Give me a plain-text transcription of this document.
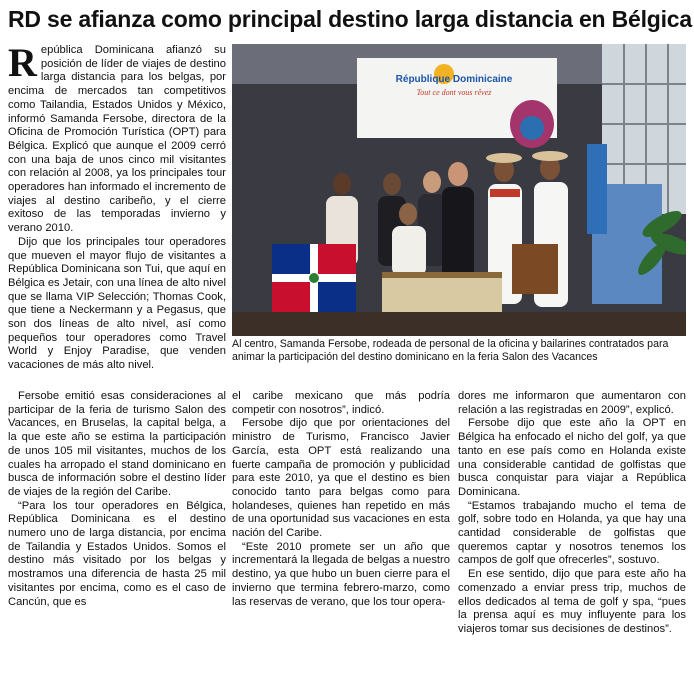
RD se afianza como principal destino larga distancia en Bélgica

República Dominicana afianzó su posición de líder de viajes de destino larga distancia para los belgas, por encima de mercados tan competitivos como Tailandia, Estados Unidos y México, informó Samanda Fersobe, directora de la Oficina de Promoción Turística (OPT) para Bélgica. Explicó que aunque el 2009 cerró con una baja de unos cinco mil visitantes con relación al 2008, ya los principales tour operadores han informado el incremento de viajes al destino caribeño, y el cierre exitoso de las temporadas invierno y verano 2010.

Dijo que los principales tour operadores que mueven el mayor flujo de visitantes a República Dominicana son Tui, que aquí en Bélgica es Jetair, con una línea de alto nivel que se llama VIP Selección; Thomas Cook, que tiene a Neckermann y a Pegasus, que son dos líneas de alto nivel, así como pequeños tour operadores como Travel World y Enjoy Paradise, que venden vacaciones de más alto nivel.

République Dominicaine
Tout ce dont vous rêvez
Al centro, Samanda Fersobe, rodeada de personal de la oficina y bailarines contratados para animar la participación del destino dominicano en la feria Salon des Vacances

Fersobe emitió esas consideraciones al participar de la feria de turismo Salon des Vacances, en Bruselas, la capital belga, a la que este año se estima la participación de unos 105 mil visitantes, muchos de los cuales ha arropado el stand dominicano en busca de información sobre el destino líder de viajes de la región del Caribe.

“Para los tour operadores en Bélgica, República Dominicana es el destino numero uno de larga distancia, por encima de Tailandia y Estados Unidos. Somos el destino más visitado por los belgas y mostramos una diferencia de hasta 25 mil visitantes por encima, como es el caso de Cancún, que es

el caribe mexicano que más podría competir con nosotros”, indicó.

Fersobe dijo que por orientaciones del ministro de Turismo, Francisco Javier García, esta OPT está realizando una fuerte campaña de promoción y publicidad para este 2010, ya que el destino es bien conocido tanto para belgas como para holandeses, quienes han repetido en más de una oportunidad sus vacaciones en esta nación del Caribe.

“Este 2010 promete ser un año que incrementará la llegada de belgas a nuestro destino, ya que hubo un buen cierre para el invierno que termina febrero-marzo, como las reservas de verano, que los tour opera-

dores me informaron que aumentaron con relación a las registradas en 2009”, explicó.

Fersobe dijo que este año la OPT en Bélgica ha enfocado el nicho del golf, ya que tanto en ese país como en Holanda existe una considerable cantidad de golfistas que busca conquistar para viajar a República Dominicana.

“Estamos trabajando mucho el tema de golf, sobre todo en Holanda, ya que hay una cantidad considerable de golfistas que queremos captar y nosotros tenemos los campos de golf que ofrecerles”, sostuvo.

En ese sentido, dijo que para este año ha comenzado a enviar press trip, muchos de ellos dedicados al tema de golf y spa, “pues la prensa aquí es muy influyente para los viajeros tomar sus decisiones de destinos”.
